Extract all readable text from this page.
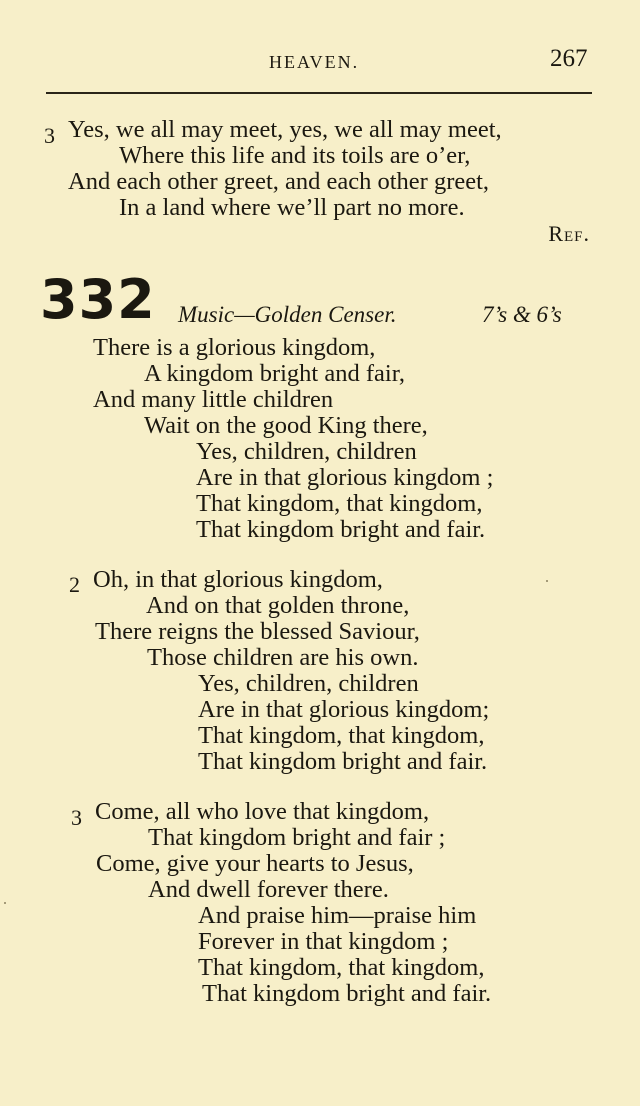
HEAVEN.	267
3 Yes, we all may meet, yes, we all may meet,
Where this life and its toils are o’er,
And each other greet, and each other greet,
In a land where we’ll part no more.
Ref.
332 Music—Golden Censer.	7’s & 6’s
There is a glorious kingdom,
A kingdom bright and fair,
And many little children
Wait on the good King there,
Yes, children, children
Are in that glorious kingdom ;
That kingdom, that kingdom,
That kingdom bright and fair.
2 Oh, in that glorious kingdom,
And on that golden throne,
There reigns the blessed Saviour,
Those children are his own.
Yes, children, children
Are in that glorious kingdom;
That kingdom, that kingdom,
That kingdom bright and fair.
3 Come, all who love that kingdom,
That kingdom bright and fair ;
Come, give your hearts to Jesus,
And dwell forever there.
And praise him—praise him
Forever in that kingdom ;
That kingdom, that kingdom,
That kingdom bright and fair.
